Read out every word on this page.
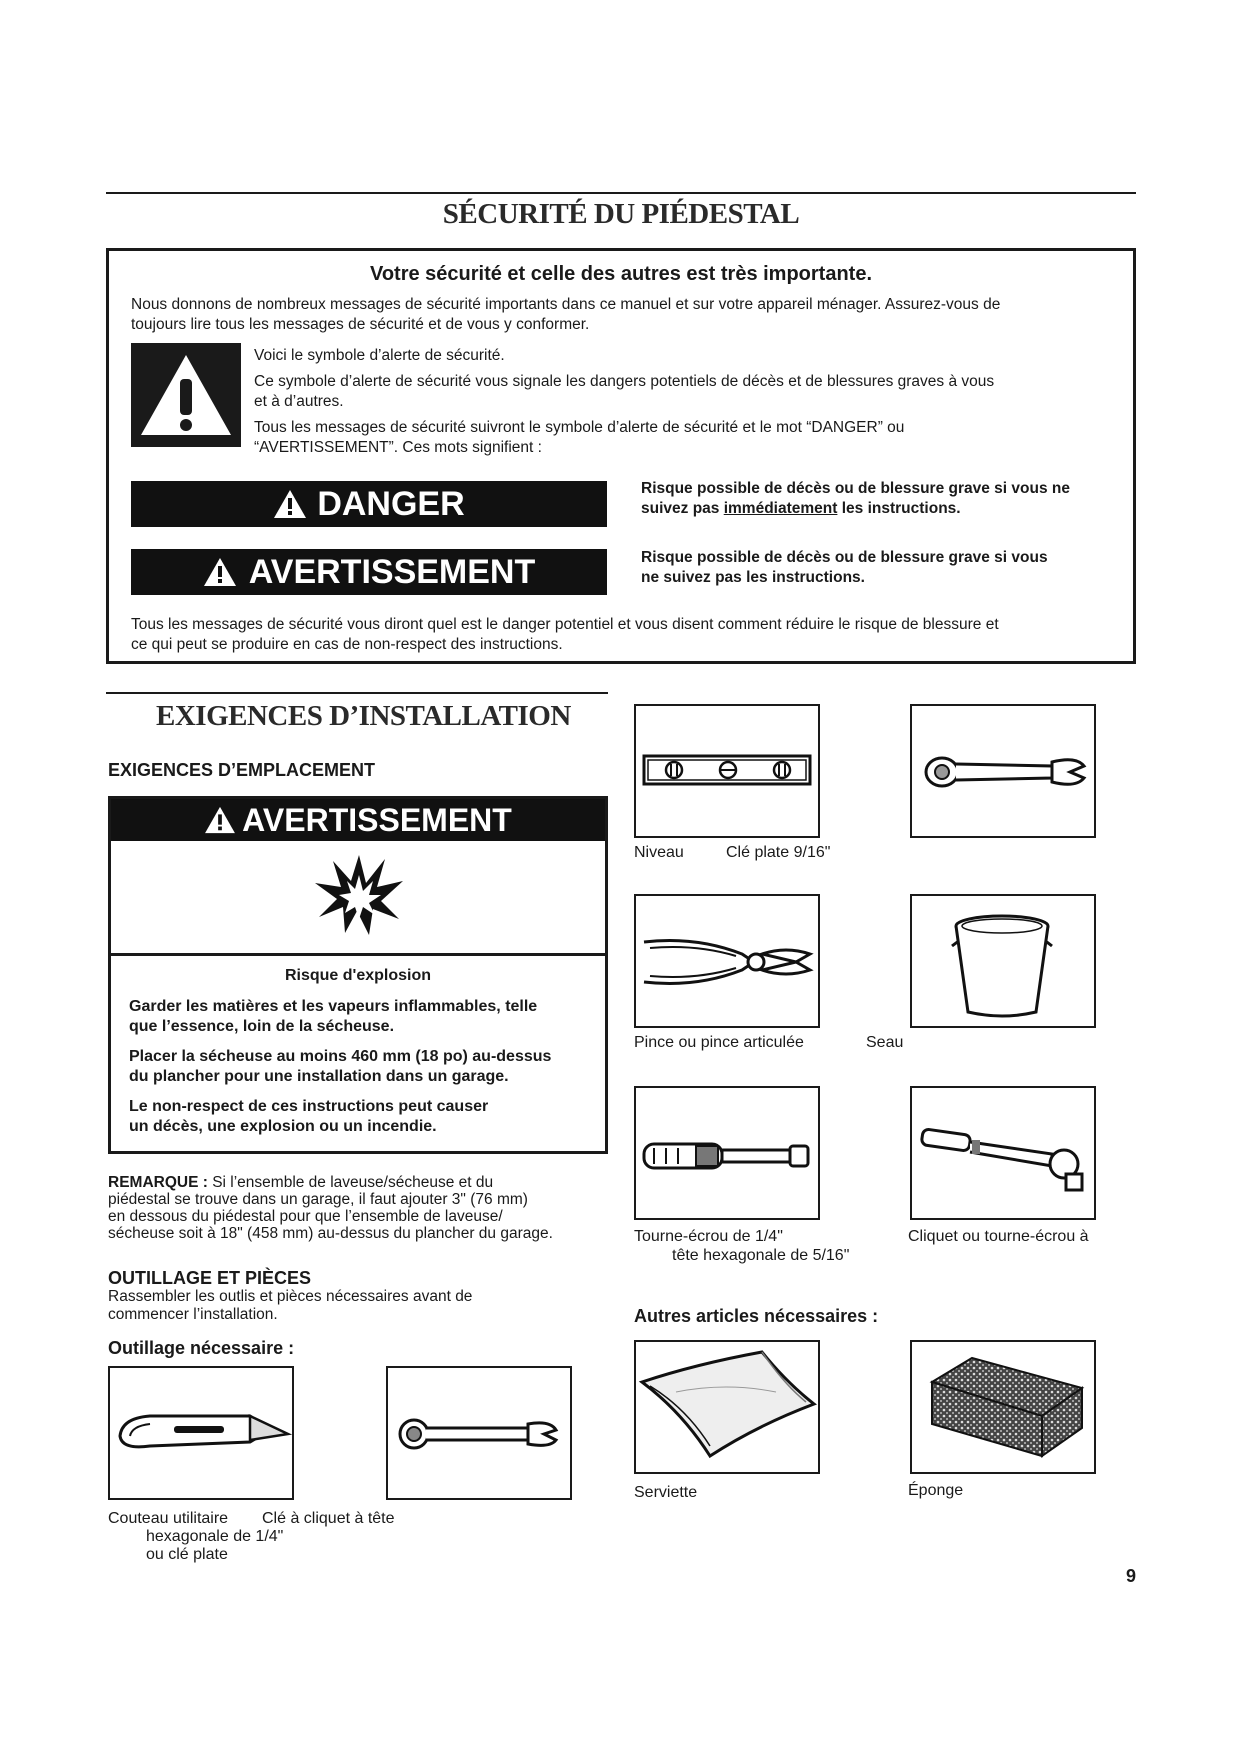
SÉCURITÉ DU PIÉDESTAL
Votre sécurité et celle des autres est très importante.
Nous donnons de nombreux messages de sécurité importants dans ce manuel et sur votre appareil ménager. Assurez-vous de
toujours lire tous les messages de sécurité et de vous y conformer.
Voici le symbole d’alerte de sécurité.
Ce symbole d’alerte de sécurité vous signale les dangers potentiels de décès et de blessures graves à vous
et à d’autres.
Tous les messages de sécurité suivront le symbole d’alerte de sécurité et le mot “DANGER” ou
“AVERTISSEMENT”. Ces mots signifient :
DANGER	Risque possible de décès ou de blessure grave si vous ne
suivez pas immédiatement les instructions.
AVERTISSEMENT	Risque possible de décès ou de blessure grave si vous
ne suivez pas les instructions.
Tous les messages de sécurité vous diront quel est le danger potentiel et vous disent comment réduire le risque de blessure et
ce qui peut se produire en cas de non-respect des instructions.
EXIGENCES D’INSTALLATION
EXIGENCES D’EMPLACEMENT
AVERTISSEMENT
Risque d'explosion
Garder les matières et les vapeurs inflammables, telle
que l’essence, loin de la sécheuse.
Placer la sécheuse au moins 460 mm (18 po) au-dessus
du plancher pour une installation dans un garage.
Le non-respect de ces instructions peut causer
un décès, une explosion ou un incendie.
REMARQUE : Si l’ensemble de laveuse/sécheuse et du
piédestal se trouve dans un garage, il faut ajouter 3" (76 mm)
en dessous du piédestal pour que l’ensemble de laveuse/
sécheuse soit à 18" (458 mm) au-dessus du plancher du garage.
OUTILLAGE ET PIÈCES
Rassembler les outlis et pièces nécessaires avant de
commencer l’installation.
Outillage nécessaire :
Couteau utilitaire Clé à cliquet à tête
hexagonale de 1/4"
ou clé plate
Niveau	Clé plate 9/16"
Pince ou pince articulée	Seau
Tourne-écrou de 1/4"
tête hexagonale de 5/16"
Cliquet ou tourne-écrou à
Autres articles nécessaires :
Serviette	Éponge
9
